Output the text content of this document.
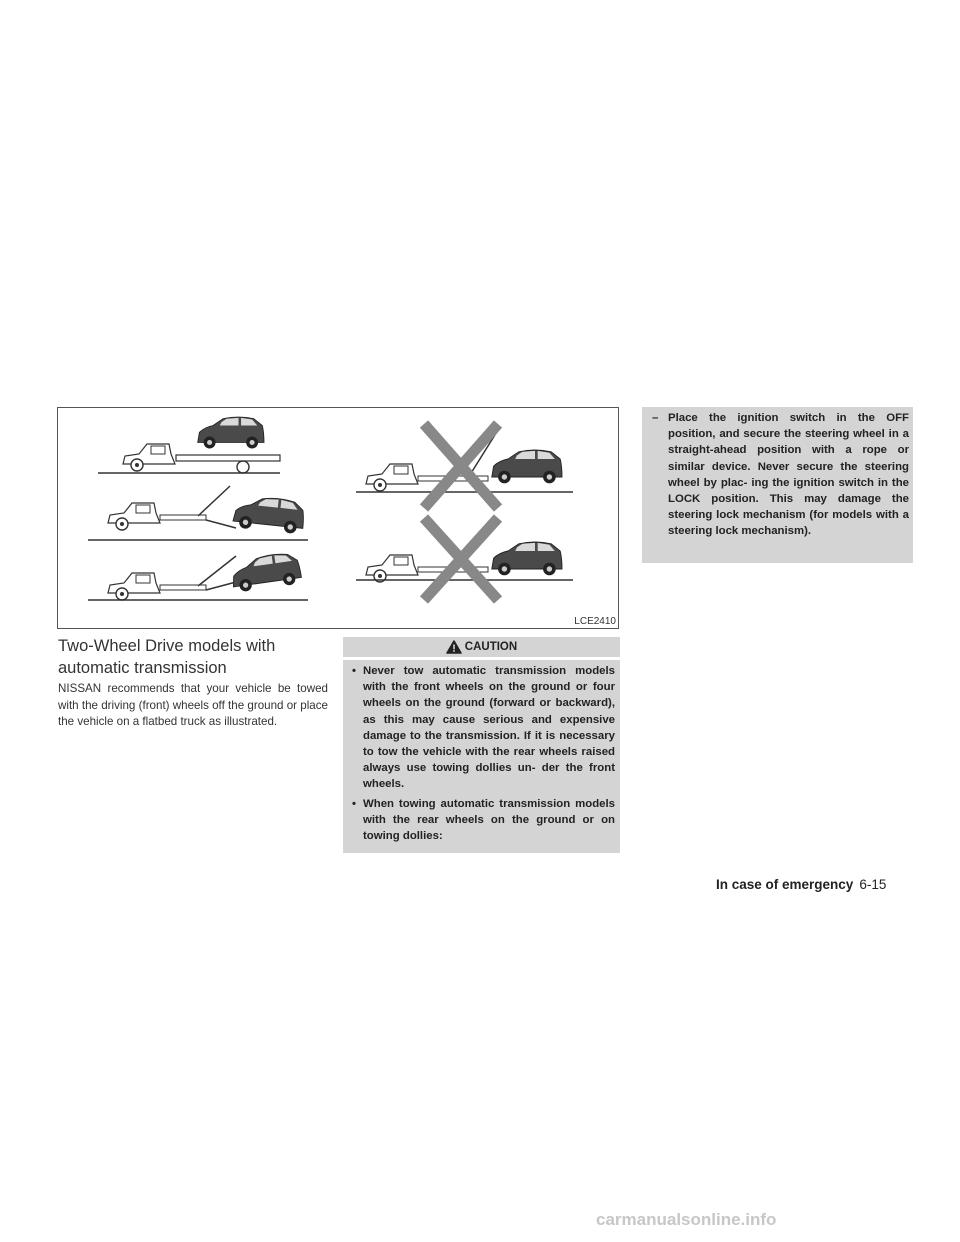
LCE2410
Two-Wheel Drive models with
automatic transmission
NISSAN recommends that your vehicle be towed with the driving (front) wheels off the ground or place the vehicle on a flatbed truck as illustrated.
CAUTION
• Never tow automatic transmission models with the front wheels on the ground or four wheels on the ground (forward or backward), as this may cause serious and expensive damage to the transmission. If it is necessary to tow the vehicle with the rear wheels raised always use towing dollies un- der the front wheels.
• When towing automatic transmission models with the rear wheels on the ground or on towing dollies:
– Place the ignition switch in the OFF position, and secure the steering wheel in a straight-ahead position with a rope or similar device. Never secure the steering wheel by plac- ing the ignition switch in the LOCK position. This may damage the steering lock mechanism (for models with a steering lock mechanism).
In case of emergency 6-15
carmanualsonline.info
